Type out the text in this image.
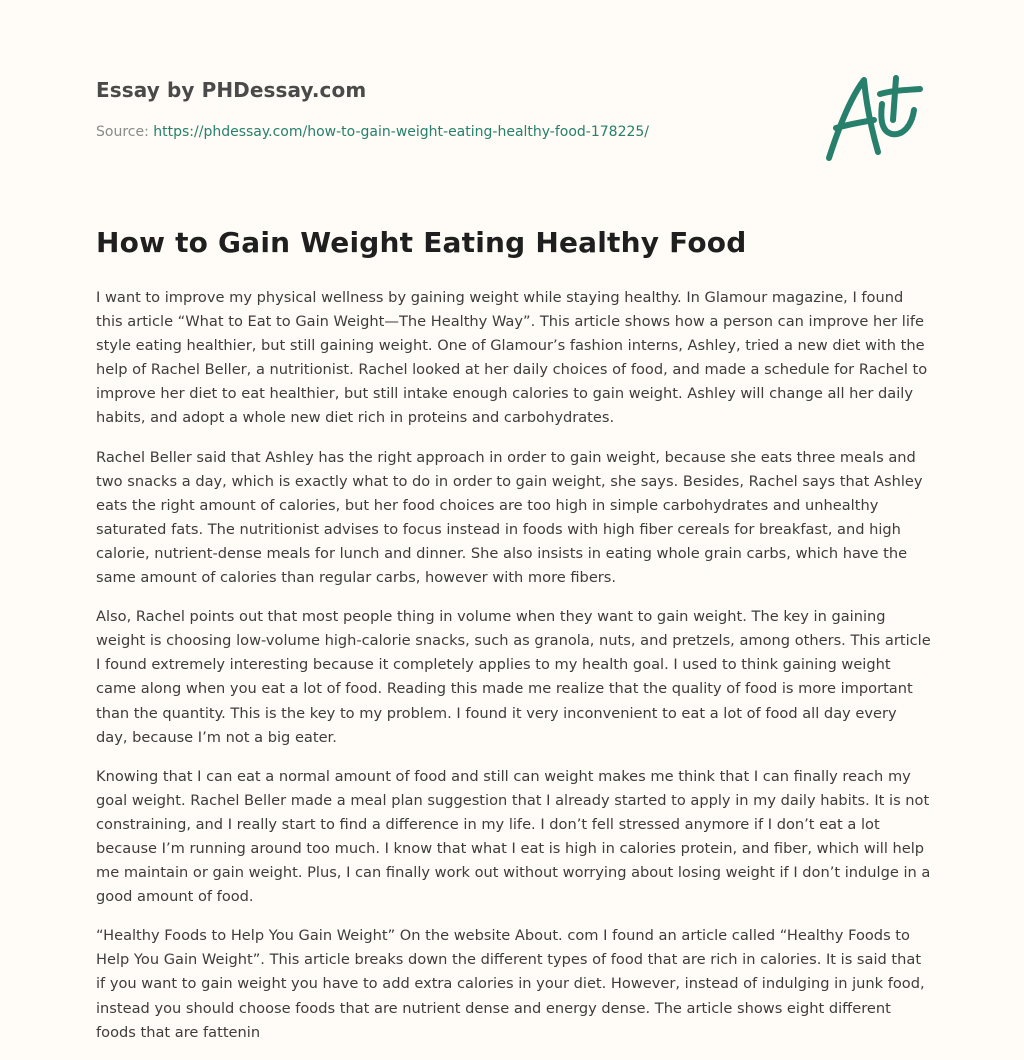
Essay by PHDessay.com
Source: https://phdessay.com/how-to-gain-weight-eating-healthy-food-178225/
How to Gain Weight Eating Healthy Food

I want to improve my physical wellness by gaining weight while staying healthy. In Glamour magazine, I found this article “What to Eat to Gain Weight—The Healthy Way”. This article shows how a person can improve her life style eating healthier, but still gaining weight. One of Glamour’s fashion interns, Ashley, tried a new diet with the help of Rachel Beller, a nutritionist. Rachel looked at her daily choices of food, and made a schedule for Rachel to improve her diet to eat healthier, but still intake enough calories to gain weight. Ashley will change all her daily habits, and adopt a whole new diet rich in proteins and carbohydrates.

Rachel Beller said that Ashley has the right approach in order to gain weight, because she eats three meals and two snacks a day, which is exactly what to do in order to gain weight, she says. Besides, Rachel says that Ashley eats the right amount of calories, but her food choices are too high in simple carbohydrates and unhealthy saturated fats. The nutritionist advises to focus instead in foods with high fiber cereals for breakfast, and high calorie, nutrient-dense meals for lunch and dinner. She also insists in eating whole grain carbs, which have the same amount of calories than regular carbs, however with more fibers.

Also, Rachel points out that most people thing in volume when they want to gain weight. The key in gaining weight is choosing low-volume high-calorie snacks, such as granola, nuts, and pretzels, among others. This article I found extremely interesting because it completely applies to my health goal. I used to think gaining weight came along when you eat a lot of food. Reading this made me realize that the quality of food is more important than the quantity. This is the key to my problem. I found it very inconvenient to eat a lot of food all day every day, because I’m not a big eater.

Knowing that I can eat a normal amount of food and still can weight makes me think that I can finally reach my goal weight. Rachel Beller made a meal plan suggestion that I already started to apply in my daily habits. It is not constraining, and I really start to find a difference in my life. I don’t fell stressed anymore if I don’t eat a lot because I’m running around too much. I know that what I eat is high in calories protein, and fiber, which will help me maintain or gain weight. Plus, I can finally work out without worrying about losing weight if I don’t indulge in a good amount of food.

“Healthy Foods to Help You Gain Weight” On the website About. com I found an article called “Healthy Foods to Help You Gain Weight”. This article breaks down the different types of food that are rich in calories. It is said that if you want to gain weight you have to add extra calories in your diet. However, instead of indulging in junk food, instead you should choose foods that are nutrient dense and energy dense. The article shows eight different foods that are fattenin
